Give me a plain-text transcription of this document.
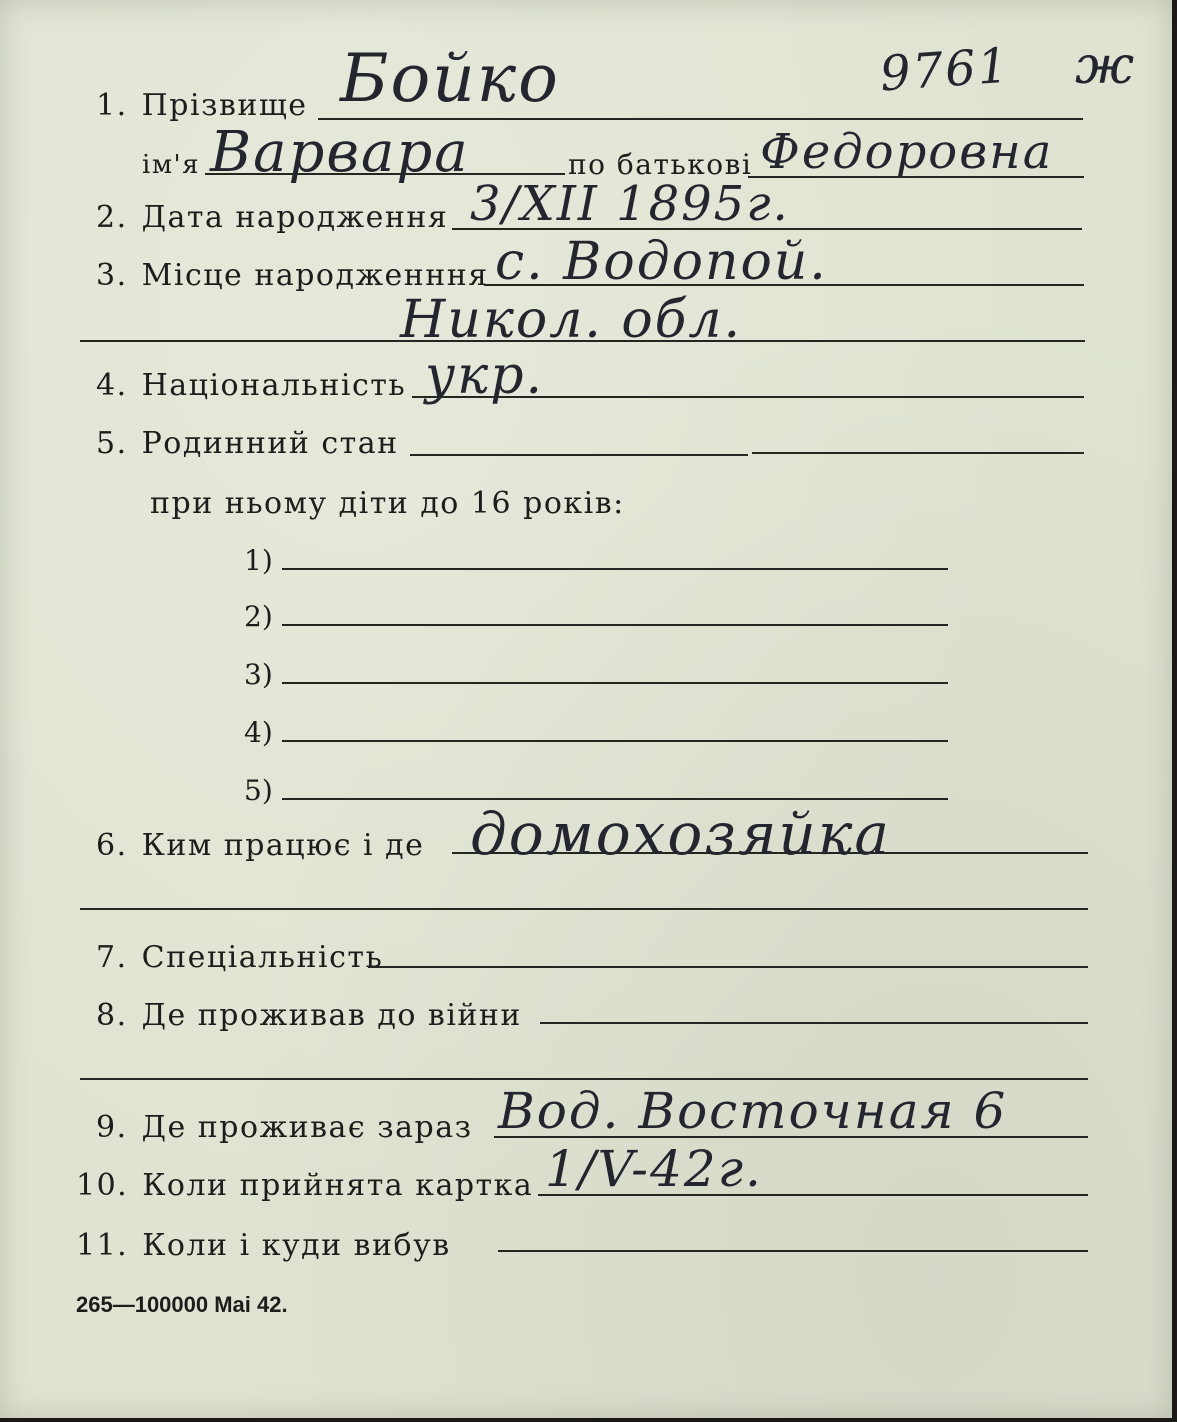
9761 ж
1. Прізвище Бойко
ім'я Варвара	по батькові Федоровна
2. Дата народження 3/XII 1895г.
3. Місце народженння с. Водопой.
Никол. обл.
4. Національність укр.
5. Родинний стан
при ньому діти до 16 років:
1)
2)
3)
4)
5)
6. Ким працює і де домохозяйка
7. Спеціальність
8. Де проживав до війни
9. Де проживає зараз Вод. Восточная 6
10. Коли прийнята картка 1/V-42г.
11. Коли і куди вибув
265—100000 Mai 42.
